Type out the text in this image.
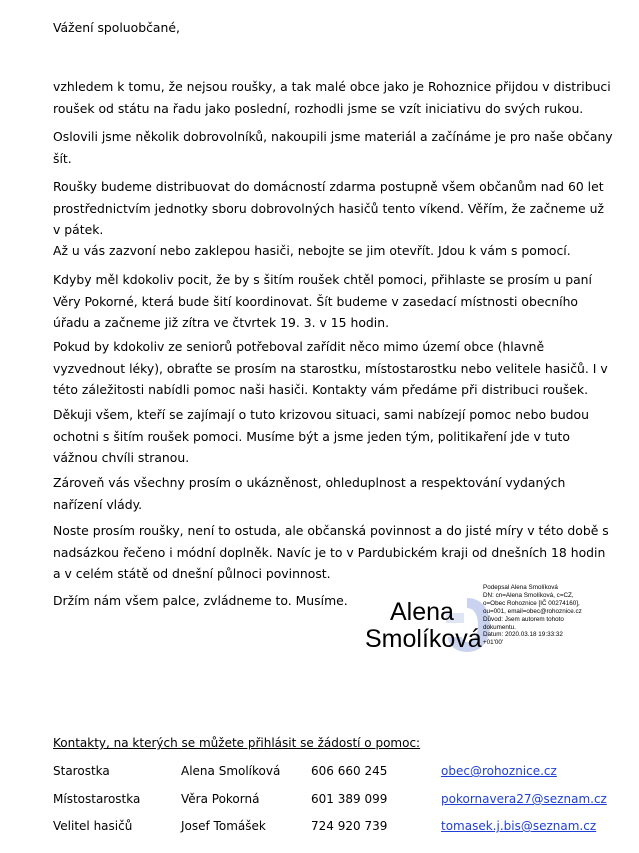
Vážení spoluobčané,
vzhledem k tomu, že nejsou roušky, a tak malé obce jako je Rohoznice přijdou v distribuci roušek od státu na řadu jako poslední, rozhodli jsme se vzít iniciativu do svých rukou.
Oslovili jsme několik dobrovolníků, nakoupili jsme materiál a začínáme je pro naše občany šít.
Roušky budeme distribuovat do domácností zdarma postupně všem občanům nad 60 let prostřednictvím jednotky sboru dobrovolných hasičů tento víkend. Věřím, že začneme už v pátek.
Až u vás zazvoní nebo zaklepou hasiči, nebojte se jim otevřít. Jdou k vám s pomocí.
Kdyby měl kdokoliv pocit, že by s šitím roušek chtěl pomoci, přihlaste se prosím u paní Věry Pokorné, která bude šití koordinovat. Šít budeme v zasedací místnosti obecního úřadu a začneme již zítra ve čtvrtek 19. 3. v 15 hodin.
Pokud by kdokoliv ze seniorů potřeboval zařídit něco mimo území obce (hlavně vyzvednout léky), obraťte se prosím na starostku, místostarostku nebo velitele hasičů. I v této záležitosti nabídli pomoc naši hasiči. Kontakty vám předáme při distribuci roušek.
Děkuji všem, kteří se zajímají o tuto krizovou situaci, sami nabízejí pomoc nebo budou ochotni s šitím roušek pomoci. Musíme být a jsme jeden tým, politikaření jde v tuto vážnou chvíli stranou.
Zároveň vás všechny prosím o ukázněnost, ohleduplnost a respektování vydaných nařízení vlády.
Noste prosím roušky, není to ostuda, ale občanská povinnost a do jisté míry v této době s nadsázkou řečeno i módní doplněk. Navíc je to v Pardubickém kraji od dnešních 18 hodin a v celém státě od dnešní půlnoci povinnost.
Držím nám všem palce, zvládneme to. Musíme. Alena
Smolíková
Podepsal Alena Smolíková
DN: cn=Alena Smolíková, c=CZ,
o=Obec Rohoznice [IČ 00274160],
ou=001, email=obec@rohoznice.cz
Důvod: Jsem autorem tohoto
dokumentu.
Datum: 2020.03.18 19:33:32
+01'00'
Kontakty, na kterých se můžete přihlásit se žádostí o pomoc:
Starostka	Alena Smolíková	606 660 245	obec@rohoznice.cz
Místostarostka	Věra Pokorná	601 389 099	pokornavera27@seznam.cz
Velitel hasičů	Josef Tomášek	724 920 739	tomasek.j.bis@seznam.cz
